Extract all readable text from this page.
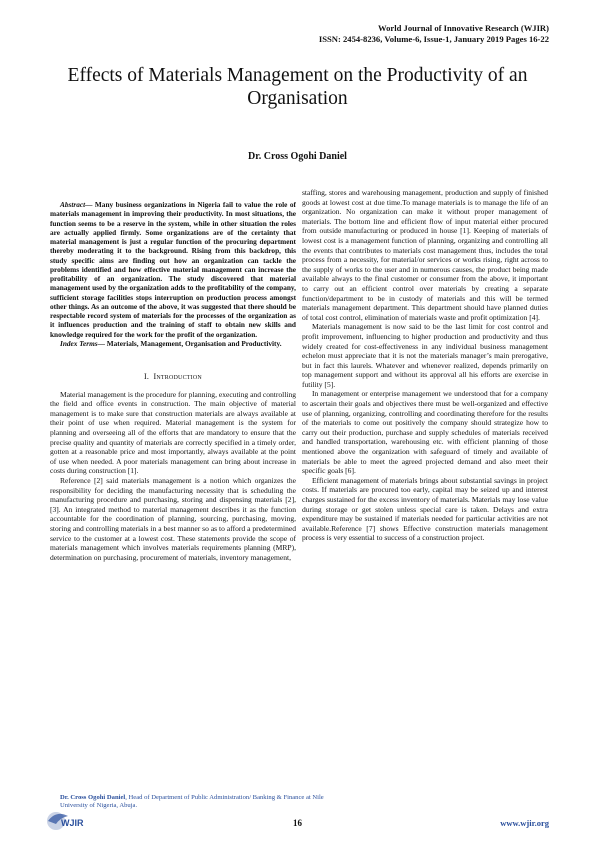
World Journal of Innovative Research (WJIR)
ISSN: 2454-8236, Volume-6, Issue-1, January 2019 Pages 16-22
Effects of Materials Management on the Productivity of an Organisation
Dr. Cross Ogohi Daniel

Abstract— Many business organizations in Nigeria fail to value the role of materials management in improving their productivity. In most situations, the function seems to be a reserve in the system, while in other situation the roles are actually applied firmly. Some organizations are of the certainty that material management is just a regular function of the procuring department thereby moderating it to the background. Rising from this backdrop, this study specific aims are finding out how an organization can tackle the problems identified and how effective material management can increase the profitability of an organization. The study discovered that material management used by the organization adds to the profitability of the company, sufficient storage facilities stops interruption on production process amongst other things. As an outcome of the above, it was suggested that there should be respectable record system of materials for the processes of the organization as it influences production and the training of staff to obtain new skills and knowledge required for the work for the profit of the organization.

Index Terms— Materials, Management, Organisation and Productivity.

I. Introduction

Material management is the procedure for planning, executing and controlling the field and office events in construction. The main objective of material management is to make sure that construction materials are always available at their point of use when required. Material management is the system for planning and overseeing all of the efforts that are mandatory to ensure that the precise quality and quantity of materials are correctly specified in a timely order, gotten at a reasonable price and most importantly, always available at the point of use when needed. A poor materials management can bring about increase in costs during construction [1].

Reference [2] said materials management is a notion which organizes the responsibility for deciding the manufacturing necessity that is scheduling the manufacturing procedure and purchasing, storing and dispensing materials [2], [3]. An integrated method to material management describes it as the function accountable for the coordination of planning, sourcing, purchasing, moving, storing and controlling materials in a best manner so as to afford a predetermined service to the customer at a lowest cost. These statements provide the scope of materials management which involves materials requirements planning (MRP), determination on purchasing, procurement of materials, inventory management,

staffing, stores and warehousing management, production and supply of finished goods at lowest cost at due time.To manage materials is to manage the life of an organization. No organization can make it without proper management of materials. The bottom line and efficient flow of input material either procured from outside manufacturing or produced in house [1]. Keeping of materials of lowest cost is a management function of planning, organizing and controlling all the events that contributes to materials cost management thus, includes the total process from a necessity, for material/or services or works rising, right across to the supply of works to the user and in numerous causes, the product being made available always to the final customer or consumer from the above, it important to carry out an efficient control over materials by creating a separate function/department to be in custody of materials and this will be termed materials management department. This department should have planned duties of total cost control, elimination of materials waste and profit optimization [4].

Materials management is now said to be the last limit for cost control and profit improvement, influencing to higher production and productivity and thus widely created for cost-effectiveness in any individual business management echelon must appreciate that it is not the materials manager’s main prerogative, but in fact this laurels. Whatever and whenever realized, depends primarily on top management support and without its approval all his efforts are exercise in futility [5].

In management or enterprise management we understood that for a company to ascertain their goals and objectives there must be well-organized and effective use of planning, organizing, controlling and coordinating therefore for the results of the materials to come out positively the company should strategize how to carry out their production, purchase and supply schedules of materials received and handled transportation, warehousing etc. with efficient planning of those mentioned above the organization with safeguard of timely and available of materials be able to meet the agreed projected demand and also meet their specific goals [6].

Efficient management of materials brings about substantial savings in project costs. If materials are procured too early, capital may be seized up and interest charges sustained for the excess inventory of materials. Materials may lose value during storage or get stolen unless special care is taken. Delays and extra expenditure may be sustained if materials needed for particular activities are not available.Reference [7] shows Effective construction materials management process is very essential to success of a construction project.

Dr. Cross Ogohi Daniel, Head of Department of Public Administration/ Banking & Finance at Nile University of Nigeria, Abuja.
WJIR	16	www.wjir.org
